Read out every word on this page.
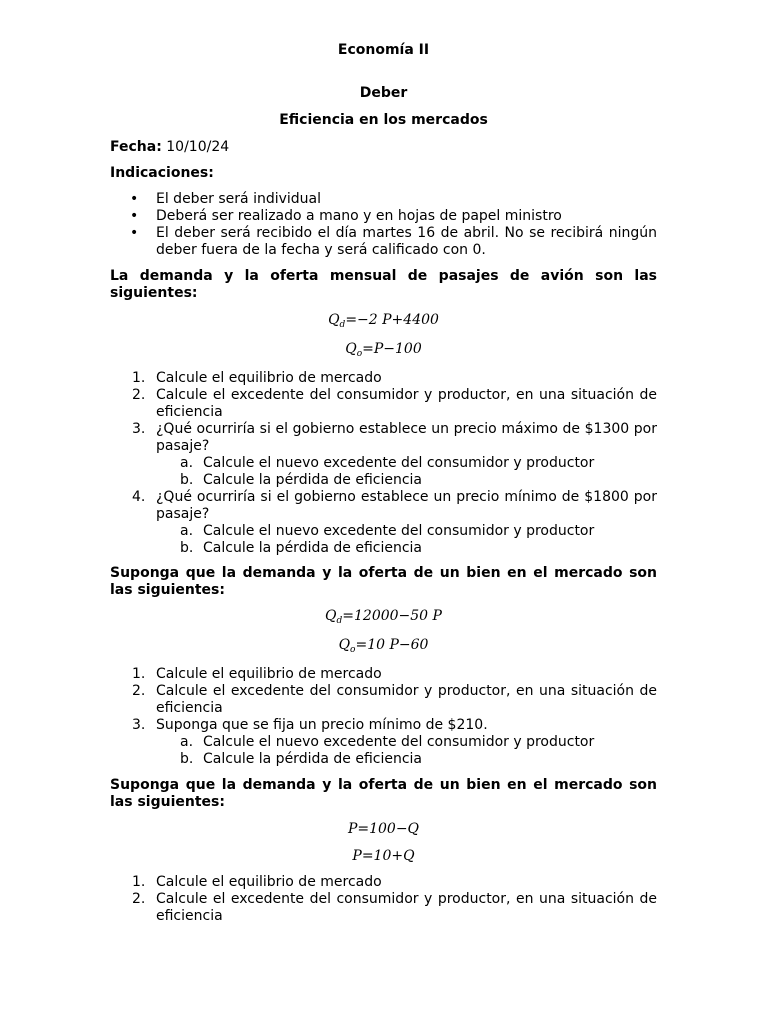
Economía II
Deber
Eficiencia en los mercados
Fecha: 10/10/24
Indicaciones:
• El deber será individual
• Deberá ser realizado a mano y en hojas de papel ministro
• El deber será recibido el día martes 16 de abril. No se recibirá ningún deber fuera de la fecha y será calificado con 0.
La demanda y la oferta mensual de pasajes de avión son las siguientes:
$Q_d=-2$ P+4400
$Q_o=P-100$
1. Calcule el equilibrio de mercado
2. Calcule el excedente del consumidor y productor, en una situación de eficiencia
3. ¿Qué ocurriría si el gobierno establece un precio máximo de $1300 por pasaje?
a. Calcule el nuevo excedente del consumidor y productor
b. Calcule la pérdida de eficiencia
4. ¿Qué ocurriría si el gobierno establece un precio mínimo de $1800 por pasaje?
a. Calcule el nuevo excedente del consumidor y productor
b. Calcule la pérdida de eficiencia
Suponga que la demanda y la oferta de un bien en el mercado son las siguientes:
$Q_d=12000-50$ P
$Q_o=10$ P−60
1. Calcule el equilibrio de mercado
2. Calcule el excedente del consumidor y productor, en una situación de eficiencia
3. Suponga que se fija un precio mínimo de $210.
a. Calcule el nuevo excedente del consumidor y productor
b. Calcule la pérdida de eficiencia
Suponga que la demanda y la oferta de un bien en el mercado son las siguientes:
P=100−Q
P=10+Q
1. Calcule el equilibrio de mercado
2. Calcule el excedente del consumidor y productor, en una situación de eficiencia
